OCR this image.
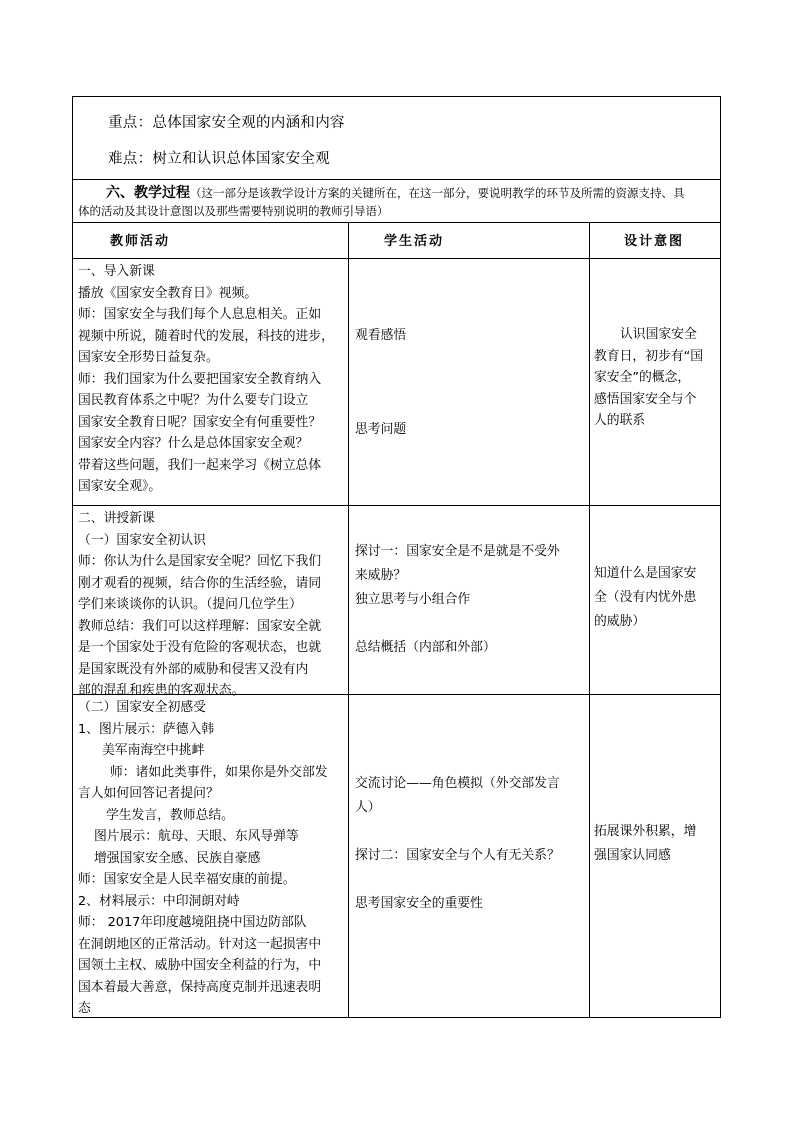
重点：总体国家安全观的内涵和内容
难点：树立和认识总体国家安全观
六、教学过程（这一部分是该教学设计方案的关键所在，在这一部分，要说明教学的环节及所需的资源支持、具
体的活动及其设计意图以及那些需要特别说明的教师引导语）
教师活动	学生活动	设计意图

一、导入新课

播放《国家安全教育日》视频。

师：国家安全与我们每个人息息相关。正如

视频中所说，随着时代的发展，科技的进步，

国家安全形势日益复杂。

师：我们国家为什么要把国家安全教育纳入

国民教育体系之中呢？为什么要专门设立

国家安全教育日呢？国家安全有何重要性？

国家安全内容？什么是总体国家安全观？

带着这些问题，我们一起来学习《树立总体

国家安全观》。

观看感悟
思考问题

认识国家安全

教育日，初步有“国

家安全”的概念，

感悟国家安全与个

人的联系

二、讲授新课

（一）国家安全初认识

师：你认为什么是国家安全呢？回忆下我们

刚才观看的视频，结合你的生活经验，请同

学们来谈谈你的认识。（提问几位学生）

教师总结：我们可以这样理解：国家安全就

是一个国家处于没有危险的客观状态，也就

是国家既没有外部的威胁和侵害又没有内

部的混乱和疾患的客观状态。

探讨一：国家安全是不是就是不受外

来威胁？

独立思考与小组合作

总结概括（内部和外部）

知道什么是国家安

全（没有内忧外患

的威胁）

（二）国家安全初感受

1、图片展示：萨德入韩

美军南海空中挑衅

师：诸如此类事件，如果你是外交部发

言人如何回答记者提问？

学生发言，教师总结。

图片展示：航母、天眼、东风导弹等

增强国家安全感、民族自豪感

师：国家安全是人民幸福安康的前提。

2、材料展示：中印洞朗对峙

师： 2017年印度越境阻挠中国边防部队

在洞朗地区的正常活动。针对这一起损害中

国领土主权、威胁中国安全利益的行为，中

国本着最大善意，保持高度克制并迅速表明

态

交流讨论——角色模拟（外交部发言

人）

探讨二：国家安全与个人有无关系？

思考国家安全的重要性

拓展课外积累，增

强国家认同感
